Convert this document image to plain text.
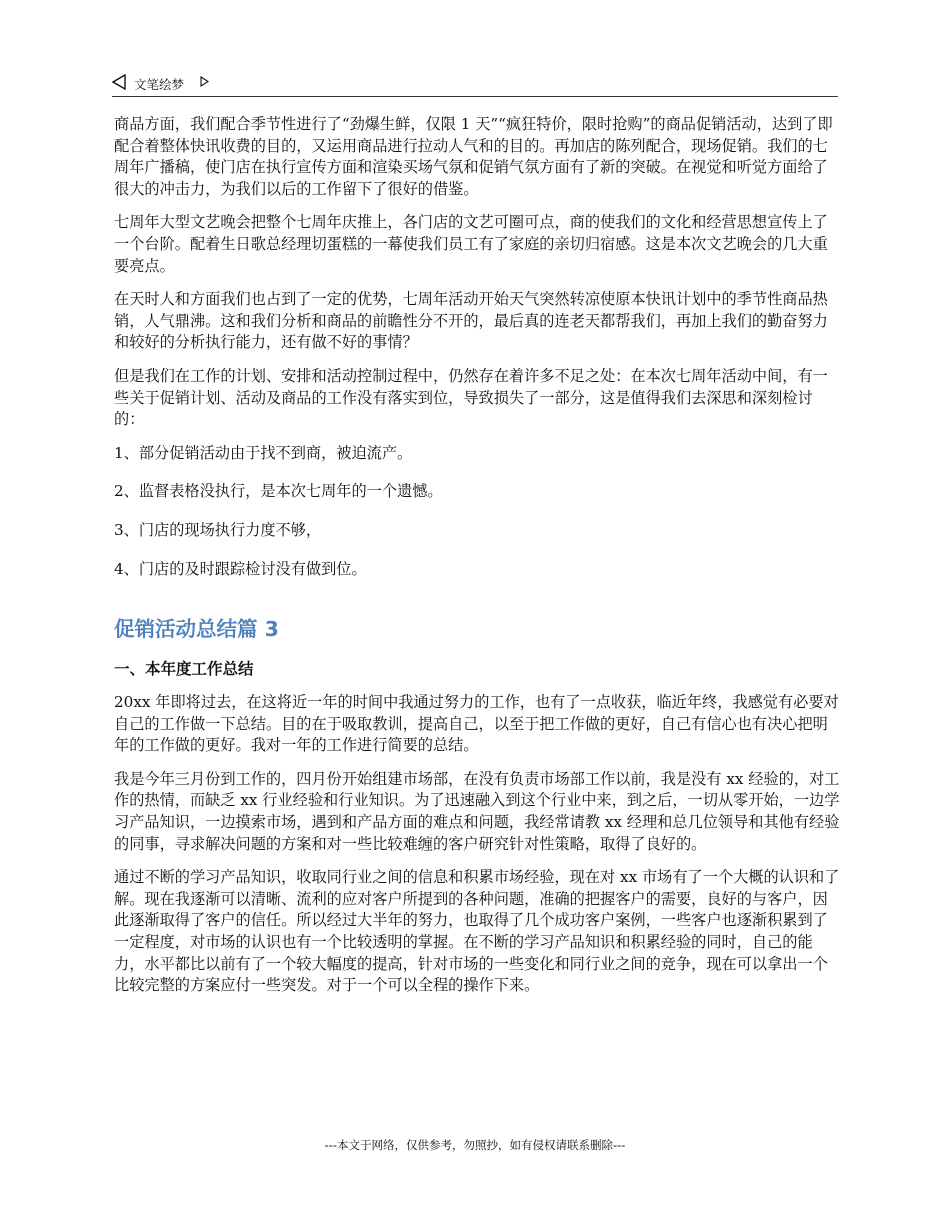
文笔绘梦

商品方面，我们配合季节性进行了“劲爆生鲜，仅限 1 天”“疯狂特价，限时抢购”的商品促销活动，达到了即配合着整体快讯收费的目的，又运用商品进行拉动人气和的目的。再加店的陈列配合，现场促销。我们的七周年广播稿，使门店在执行宣传方面和渲染买场气氛和促销气氛方面有了新的突破。在视觉和听觉方面给了很大的冲击力，为我们以后的工作留下了很好的借鉴。

七周年大型文艺晚会把整个七周年庆推上，各门店的文艺可圈可点，商的使我们的文化和经营思想宣传上了一个台阶。配着生日歌总经理切蛋糕的一幕使我们员工有了家庭的亲切归宿感。这是本次文艺晚会的几大重要亮点。

在天时人和方面我们也占到了一定的优势，七周年活动开始天气突然转凉使原本快讯计划中的季节性商品热销，人气鼎沸。这和我们分析和商品的前瞻性分不开的，最后真的连老天都帮我们，再加上我们的勤奋努力和较好的分析执行能力，还有做不好的事情？

但是我们在工作的计划、安排和活动控制过程中，仍然存在着许多不足之处：在本次七周年活动中间，有一些关于促销计划、活动及商品的工作没有落实到位，导致损失了一部分，这是值得我们去深思和深刻检讨的：

1、部分促销活动由于找不到商，被迫流产。
2、监督表格没执行，是本次七周年的一个遗憾。
3、门店的现场执行力度不够，
4、门店的及时跟踪检讨没有做到位。
促销活动总结篇 3
一、本年度工作总结

20xx 年即将过去，在这将近一年的时间中我通过努力的工作，也有了一点收获，临近年终，我感觉有必要对自己的工作做一下总结。目的在于吸取教训，提高自己，以至于把工作做的更好，自己有信心也有决心把明年的工作做的更好。我对一年的工作进行简要的总结。

我是今年三月份到工作的，四月份开始组建市场部，在没有负责市场部工作以前，我是没有 xx 经验的，对工作的热情，而缺乏 xx 行业经验和行业知识。为了迅速融入到这个行业中来，到之后，一切从零开始，一边学习产品知识，一边摸索市场，遇到和产品方面的难点和问题，我经常请教 xx 经理和总几位领导和其他有经验的同事，寻求解决问题的方案和对一些比较难缠的客户研究针对性策略，取得了良好的。

通过不断的学习产品知识，收取同行业之间的信息和积累市场经验，现在对 xx 市场有了一个大概的认识和了解。现在我逐渐可以清晰、流利的应对客户所提到的各种问题，准确的把握客户的需要，良好的与客户，因此逐渐取得了客户的信任。所以经过大半年的努力，也取得了几个成功客户案例，一些客户也逐渐积累到了一定程度，对市场的认识也有一个比较透明的掌握。在不断的学习产品知识和积累经验的同时，自己的能力，水平都比以前有了一个较大幅度的提高，针对市场的一些变化和同行业之间的竞争，现在可以拿出一个比较完整的方案应付一些突发。对于一个可以全程的操作下来。

---本文于网络，仅供参考，勿照抄，如有侵权请联系删除---
